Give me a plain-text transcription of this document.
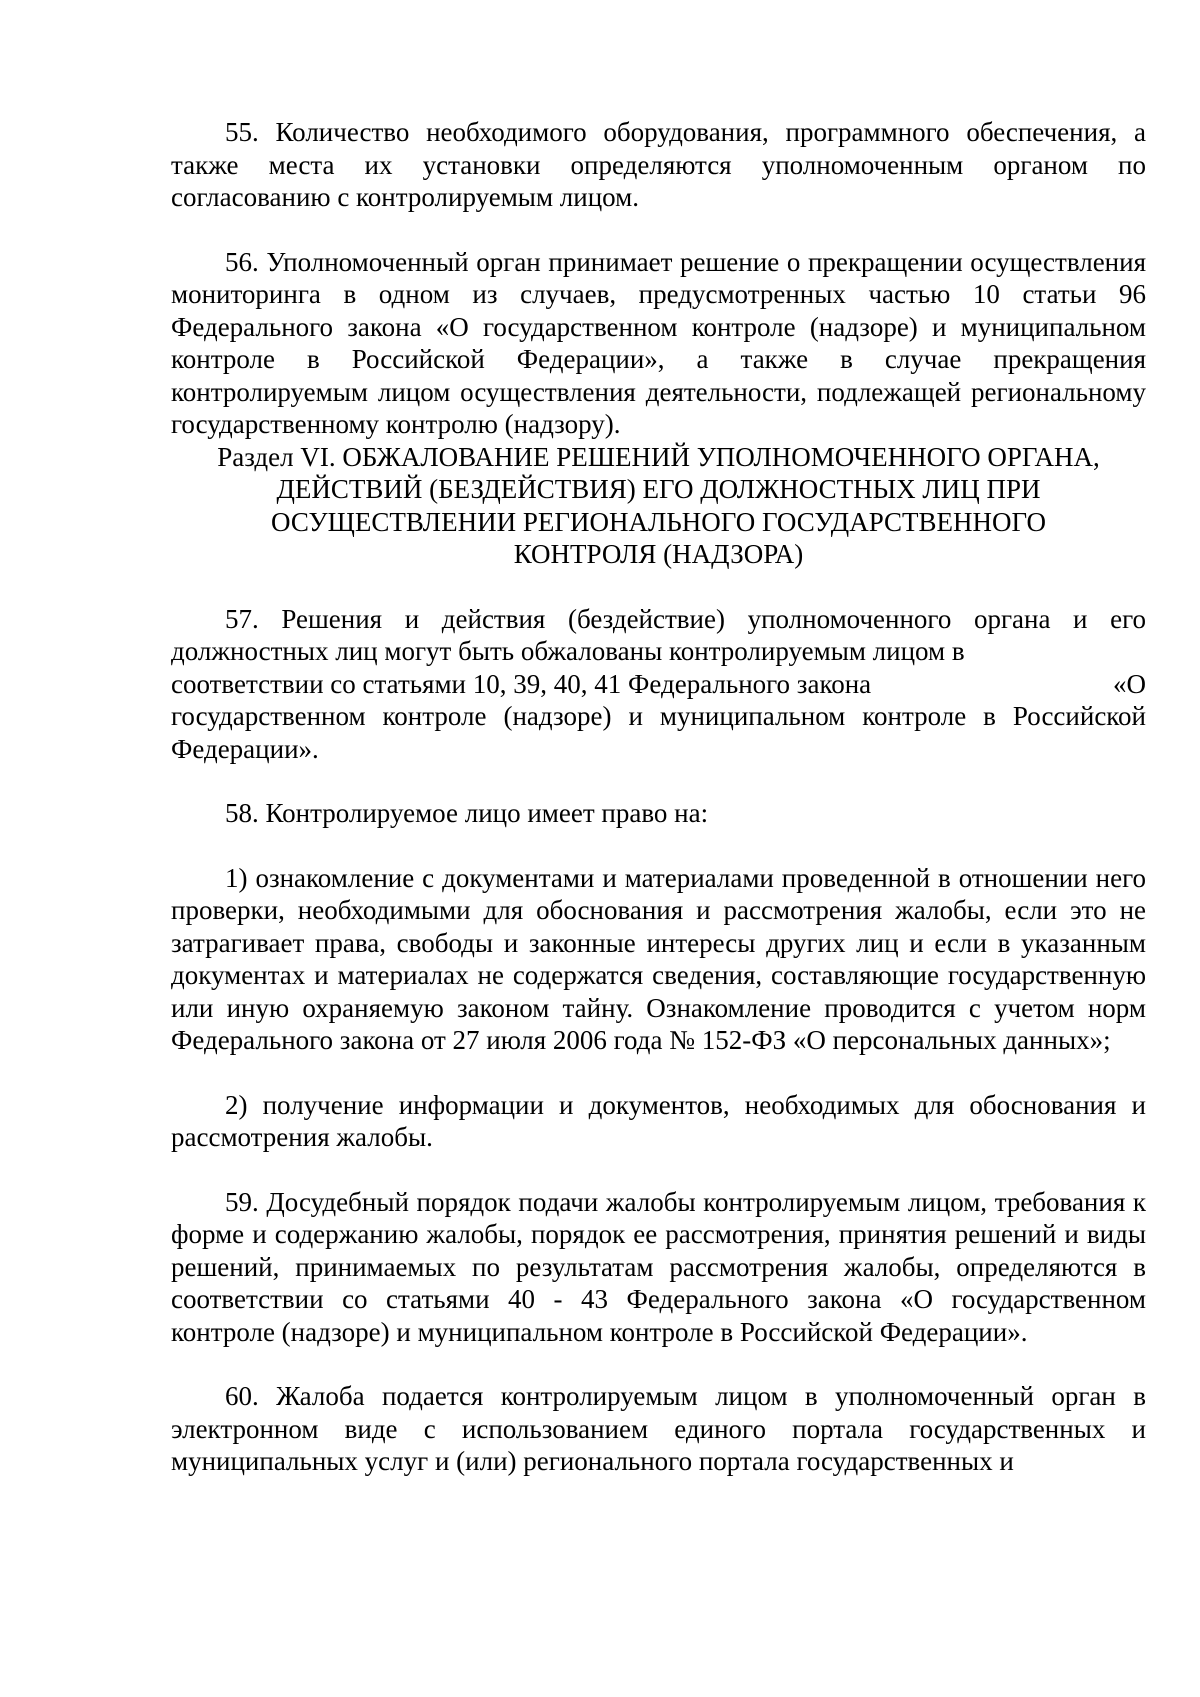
55. Количество необходимого оборудования, программного обеспечения, а также места их установки определяются уполномоченным органом по согласованию с контролируемым лицом.

56. Уполномоченный орган принимает решение о прекращении осуществления мониторинга в одном из случаев, предусмотренных частью 10 статьи 96 Федерального закона «О государственном контроле (надзоре) и муниципальном контроле в Российской Федерации», а также в случае прекращения контролируемым лицом осуществления деятельности, подлежащей региональному государственному контролю (надзору).

Раздел VI. ОБЖАЛОВАНИЕ РЕШЕНИЙ УПОЛНОМОЧЕННОГО ОРГАНА,
ДЕЙСТВИЙ (БЕЗДЕЙСТВИЯ) ЕГО ДОЛЖНОСТНЫХ ЛИЦ ПРИ
ОСУЩЕСТВЛЕНИИ РЕГИОНАЛЬНОГО ГОСУДАРСТВЕННОГО
КОНТРОЛЯ (НАДЗОРА)

57. Решения и действия (бездействие) уполномоченного органа и его должностных лиц могут быть обжалованы контролируемым лицом в

соответствии со статьями 10, 39, 40, 41 Федерального закона	«О

государственном контроле (надзоре) и муниципальном контроле в Российской Федерации».

58. Контролируемое лицо имеет право на:

1) ознакомление с документами и материалами проведенной в отношении него проверки, необходимыми для обоснования и рассмотрения жалобы, если это не затрагивает права, свободы и законные интересы других лиц и если в указанным документах и материалах не содержатся сведения, составляющие государственную или иную охраняемую законом тайну. Ознакомление проводится с учетом норм Федерального закона от 27 июля 2006 года № 152-ФЗ «О персональных данных»;

2) получение информации и документов, необходимых для обоснования и рассмотрения жалобы.

59. Досудебный порядок подачи жалобы контролируемым лицом, требования к форме и содержанию жалобы, порядок ее рассмотрения, принятия решений и виды решений, принимаемых по результатам рассмотрения жалобы, определяются в соответствии со статьями 40 - 43 Федерального закона «О государственном контроле (надзоре) и муниципальном контроле в Российской Федерации».

60. Жалоба подается контролируемым лицом в уполномоченный орган в электронном виде с использованием единого портала государственных и муниципальных услуг и (или) регионального портала государственных и
